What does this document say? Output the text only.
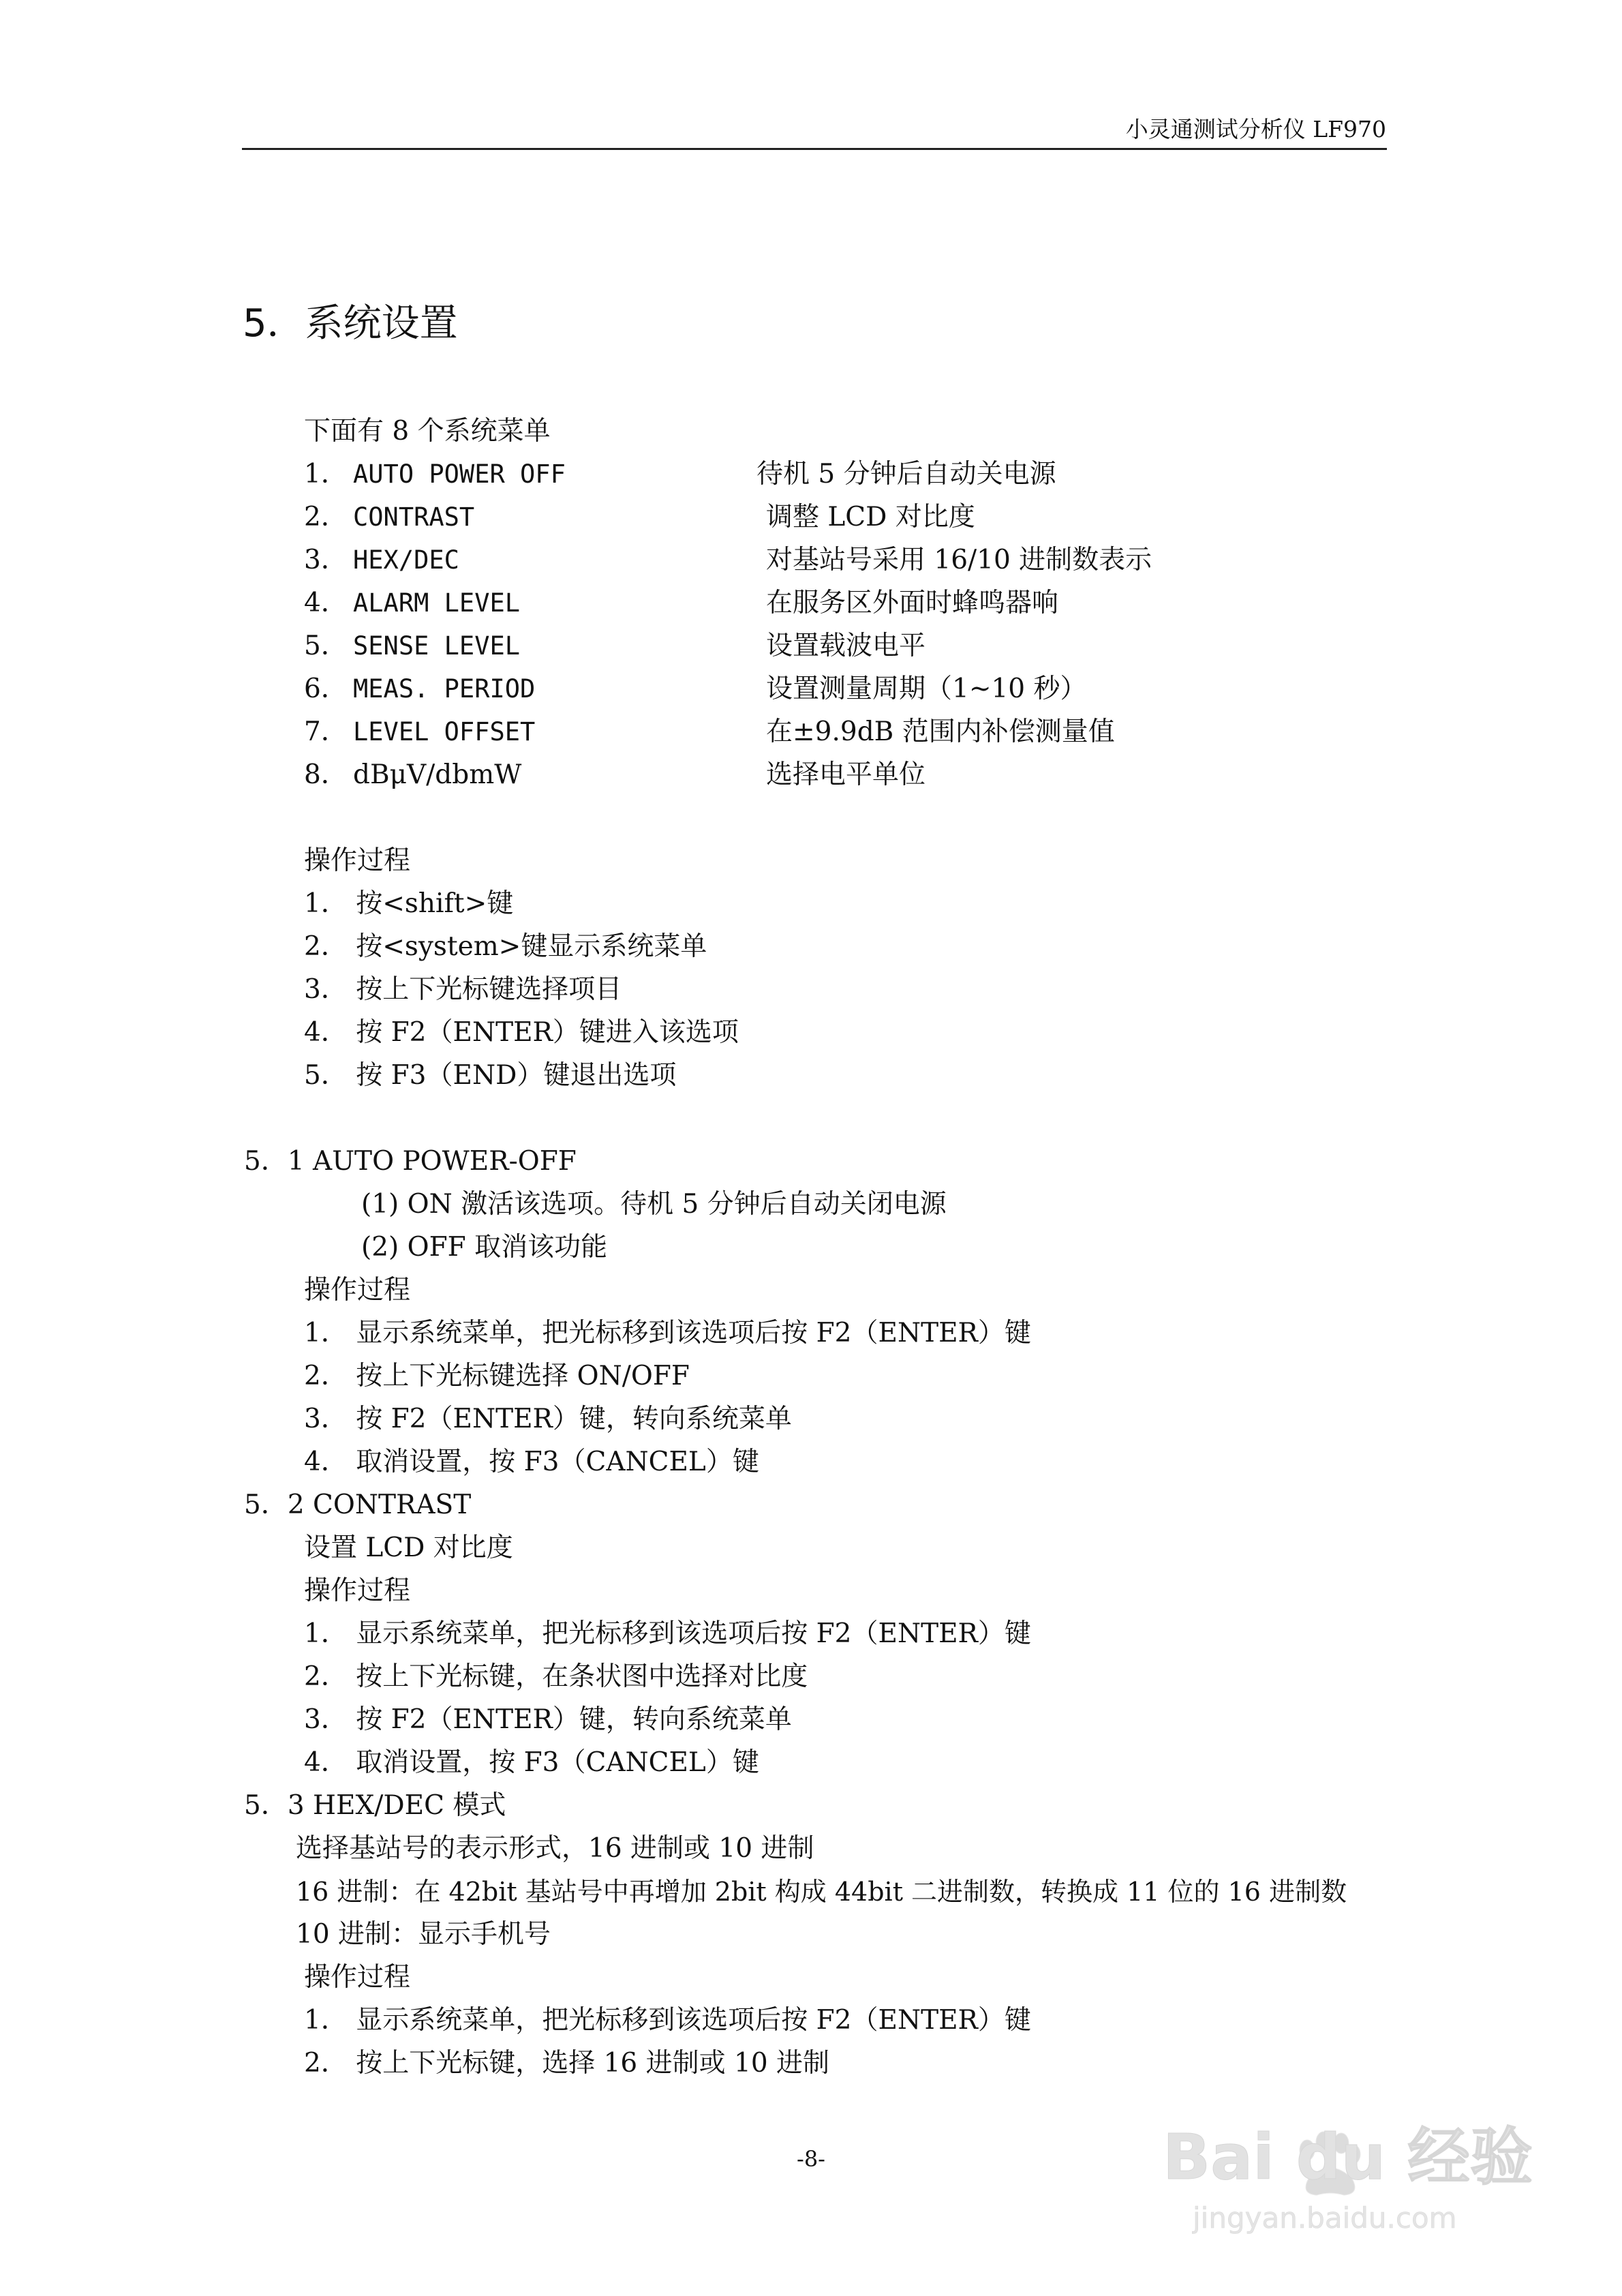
小灵通测试分析仪 LF970
5．系统设置
下面有 8 个系统菜单
1． AUTO POWER OFF	待机 5 分钟后自动关电源
2． CONTRAST	调整 LCD 对比度
3． HEX/DEC	对基站号采用 16/10 进制数表示
4． ALARM LEVEL	在服务区外面时蜂鸣器响
5． SENSE LEVEL	设置载波电平
6． MEAS. PERIOD	设置测量周期（1~10 秒）
7． LEVEL OFFSET	在±9.9dB 范围内补偿测量值
8． dBμV/dbmW	选择电平单位
操作过程
1． 按<shift>键
2． 按<system>键显示系统菜单
3． 按上下光标键选择项目
4． 按 F2（ENTER）键进入该选项
5． 按 F3（END）键退出选项
5．1 AUTO POWER-OFF
(1) ON 激活该选项。待机 5 分钟后自动关闭电源
(2) OFF 取消该功能
操作过程
1． 显示系统菜单，把光标移到该选项后按 F2（ENTER）键
2． 按上下光标键选择 ON/OFF
3． 按 F2（ENTER）键，转向系统菜单
4． 取消设置，按 F3（CANCEL）键
5．2 CONTRAST
设置 LCD 对比度
操作过程
1． 显示系统菜单，把光标移到该选项后按 F2（ENTER）键
2． 按上下光标键，在条状图中选择对比度
3． 按 F2（ENTER）键，转向系统菜单
4． 取消设置，按 F3（CANCEL）键
5．3 HEX/DEC 模式
选择基站号的表示形式，16 进制或 10 进制
16 进制：在 42bit 基站号中再增加 2bit 构成 44bit 二进制数，转换成 11 位的 16 进制数
10 进制：显示手机号
操作过程
1． 显示系统菜单，把光标移到该选项后按 F2（ENTER）键
2． 按上下光标键，选择 16 进制或 10 进制
-8-	Bai du 经验
jingyan.baidu.com
